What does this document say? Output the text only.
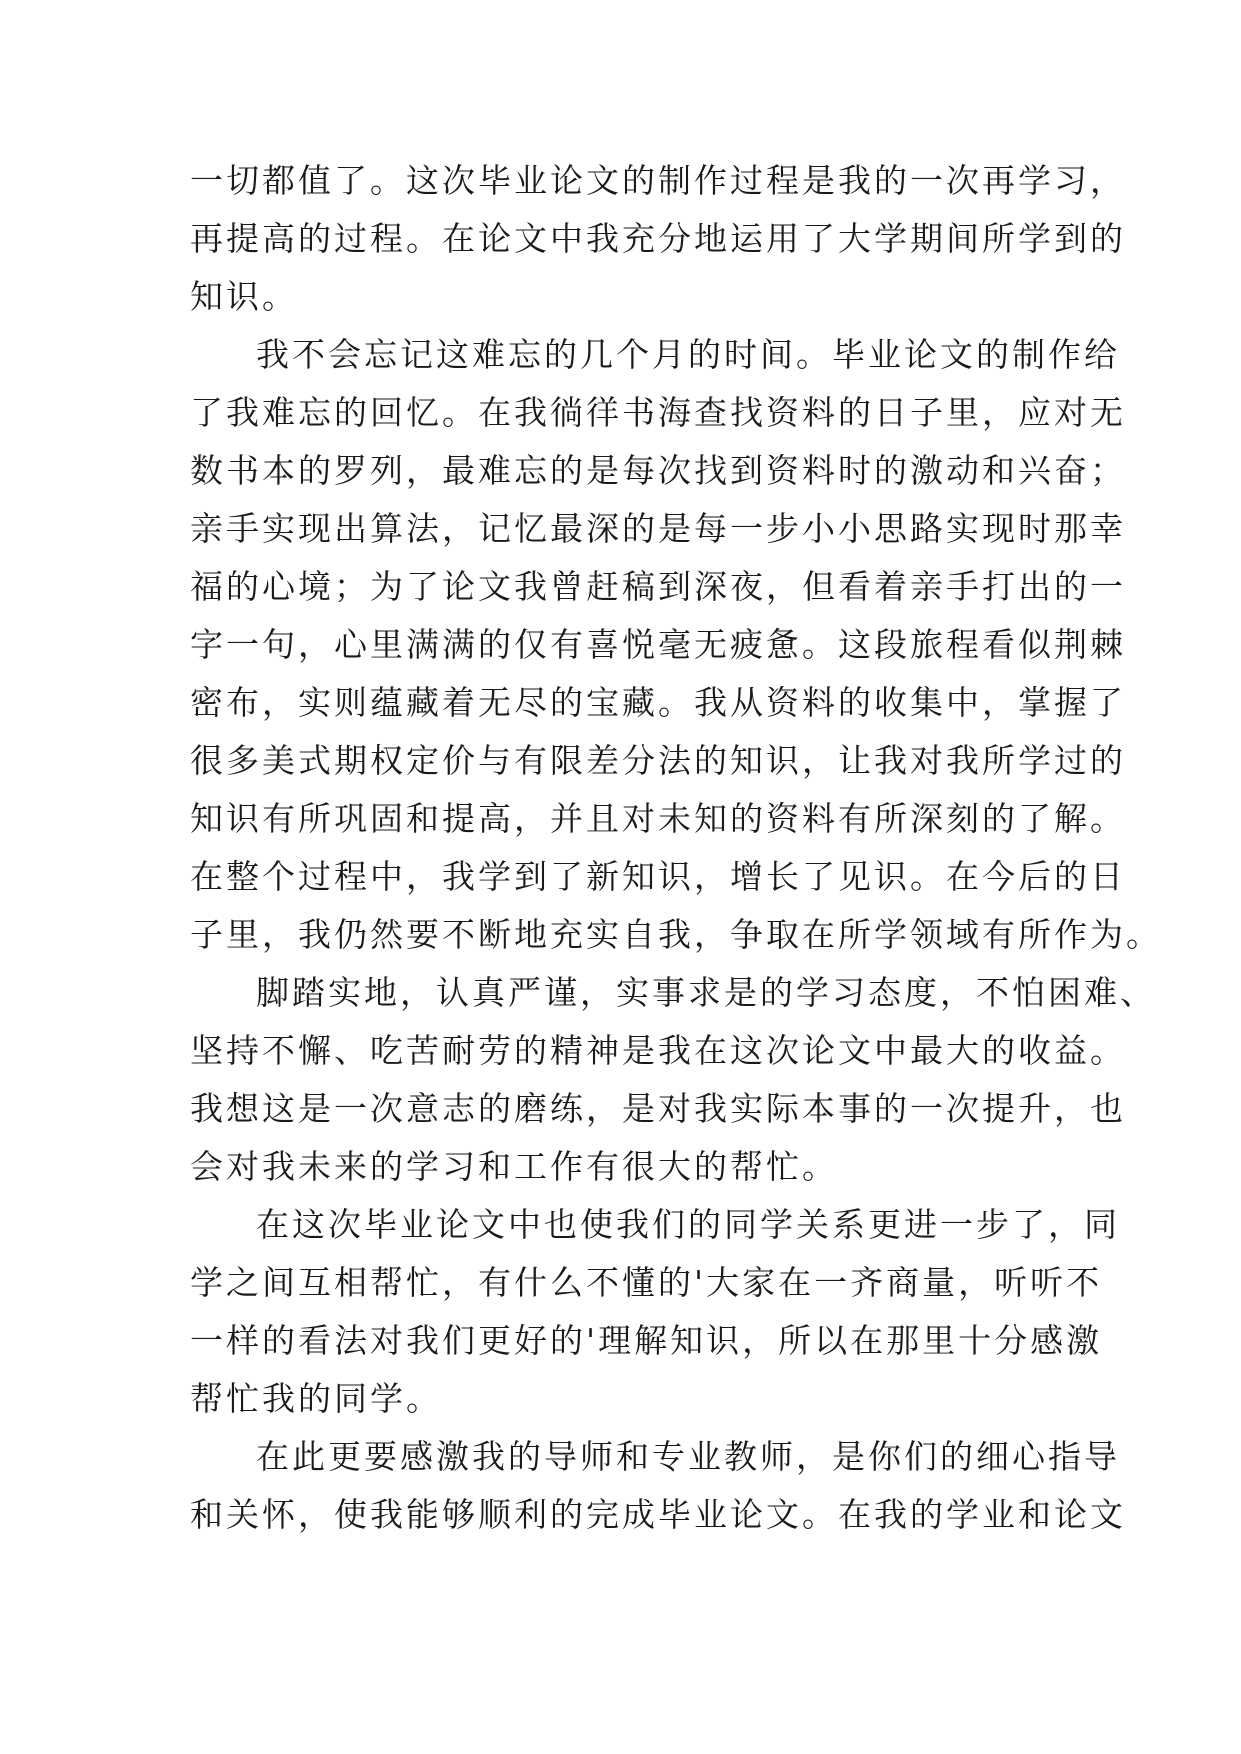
一切都值了。这次毕业论文的制作过程是我的一次再学习，
再提高的过程。在论文中我充分地运用了大学期间所学到的
知识。
我不会忘记这难忘的几个月的时间。毕业论文的制作给
了我难忘的回忆。在我徜徉书海查找资料的日子里，应对无
数书本的罗列，最难忘的是每次找到资料时的激动和兴奋；
亲手实现出算法，记忆最深的是每一步小小思路实现时那幸
福的心境；为了论文我曾赶稿到深夜，但看着亲手打出的一
字一句，心里满满的仅有喜悦毫无疲惫。这段旅程看似荆棘
密布，实则蕴藏着无尽的宝藏。我从资料的收集中，掌握了
很多美式期权定价与有限差分法的知识，让我对我所学过的
知识有所巩固和提高，并且对未知的资料有所深刻的了解。
在整个过程中，我学到了新知识，增长了见识。在今后的日
子里，我仍然要不断地充实自我，争取在所学领域有所作为。
脚踏实地，认真严谨，实事求是的学习态度，不怕困难、
坚持不懈、吃苦耐劳的精神是我在这次论文中最大的收益。
我想这是一次意志的磨练，是对我实际本事的一次提升，也
会对我未来的学习和工作有很大的帮忙。
在这次毕业论文中也使我们的同学关系更进一步了，同
学之间互相帮忙，有什么不懂的'大家在一齐商量，听听不
一样的看法对我们更好的'理解知识，所以在那里十分感激
帮忙我的同学。
在此更要感激我的导师和专业教师，是你们的细心指导
和关怀，使我能够顺利的完成毕业论文。在我的学业和论文
